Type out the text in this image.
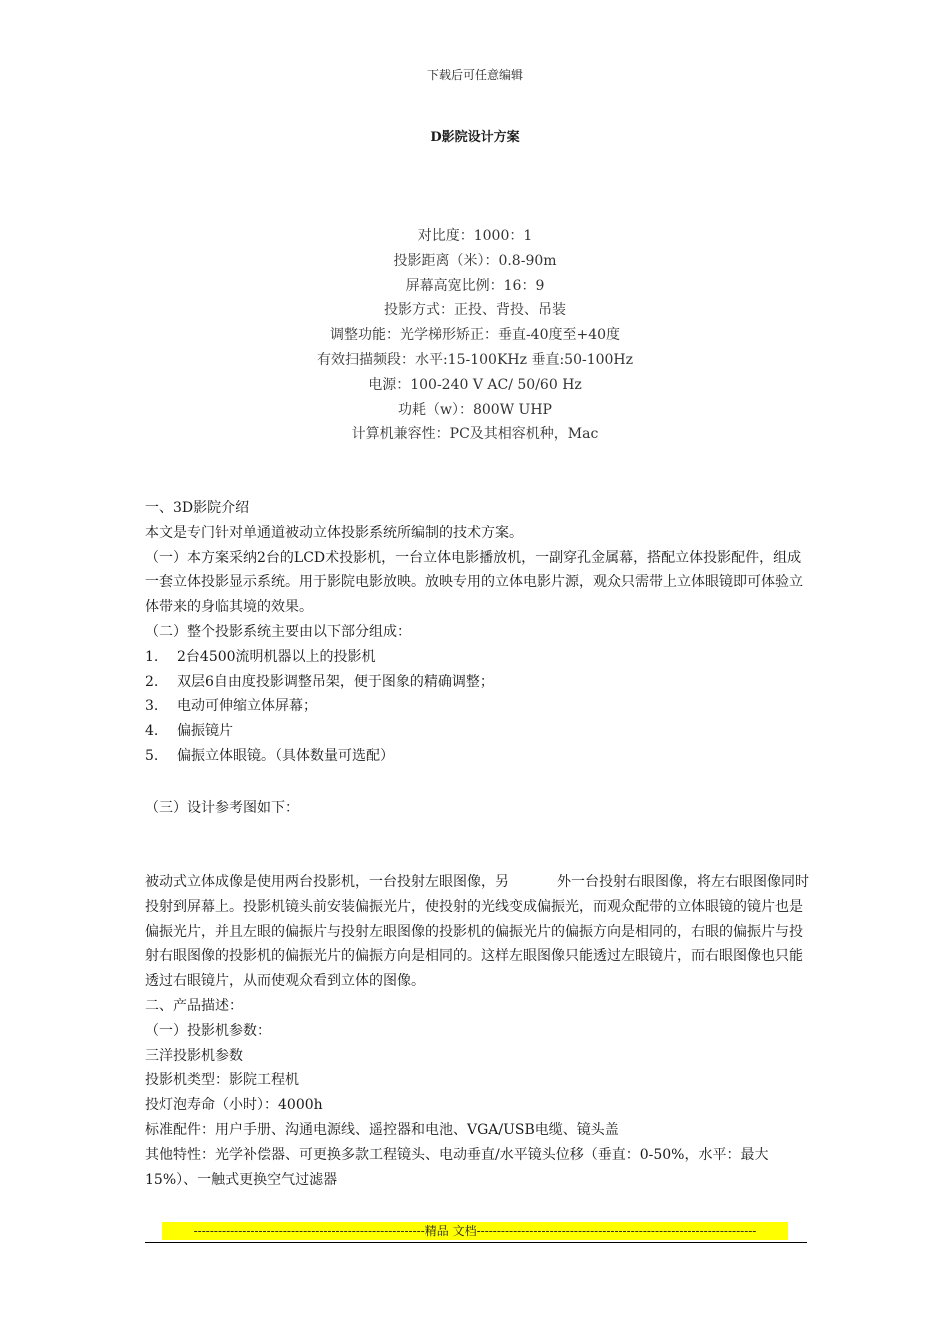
下载后可任意编辑
D影院设计方案
对比度：1000：1
投影距离（米）：0.8-90m
屏幕高宽比例：16：9
投影方式：正投、背投、吊装
调整功能：光学梯形矫正：垂直-40度至+40度
有效扫描频段：水平:15-100KHz 垂直:50-100Hz
电源：100-240 V AC/ 50/60 Hz
功耗（w）：800W UHP
计算机兼容性：PC及其相容机种，Mac

一、3D影院介绍

本文是专门针对单通道被动立体投影系统所编制的技术方案。

（一）本方案采纳2台的LCD术投影机，一台立体电影播放机，一副穿孔金属幕，搭配立体投影配件，组成一套立体投影显示系统。用于影院电影放映。放映专用的立体电影片源，观众只需带上立体眼镜即可体验立体带来的身临其境的效果。

（二）整个投影系统主要由以下部分组成：

1. 2台4500流明机器以上的投影机

2. 双层6自由度投影调整吊架，便于图象的精确调整；

3. 电动可伸缩立体屏幕；

4. 偏振镜片

5. 偏振立体眼镜。（具体数量可选配）

（三）设计参考图如下：

被动式立体成像是使用两台投影机，一台投射左眼图像，另	外一台投射右眼图像，将左右眼图像同时投射到屏幕上。投影机镜头前安装偏振光片，使投射的光线变成偏振光，而观众配带的立体眼镜的镜片也是偏振光片，并且左眼的偏振片与投射左眼图像的投影机的偏振光片的偏振方向是相同的，右眼的偏振片与投射右眼图像的投影机的偏振光片的偏振方向是相同的。这样左眼图像只能透过左眼镜片，而右眼图像也只能透过右眼镜片，从而使观众看到立体的图像。

二、产品描述：

（一）投影机参数：

三洋投影机参数

投影机类型：影院工程机

投灯泡寿命（小时）：4000h

标准配件：用户手册、沟通电源线、遥控器和电池、VGA/USB电缆、镜头盖

其他特性：光学补偿器、可更换多款工程镜头、电动垂直/水平镜头位移（垂直：0-50%，水平：最大15%）、一触式更换空气过滤器

---------------------------------------------------------精品 文档---------------------------------------------------------------------
